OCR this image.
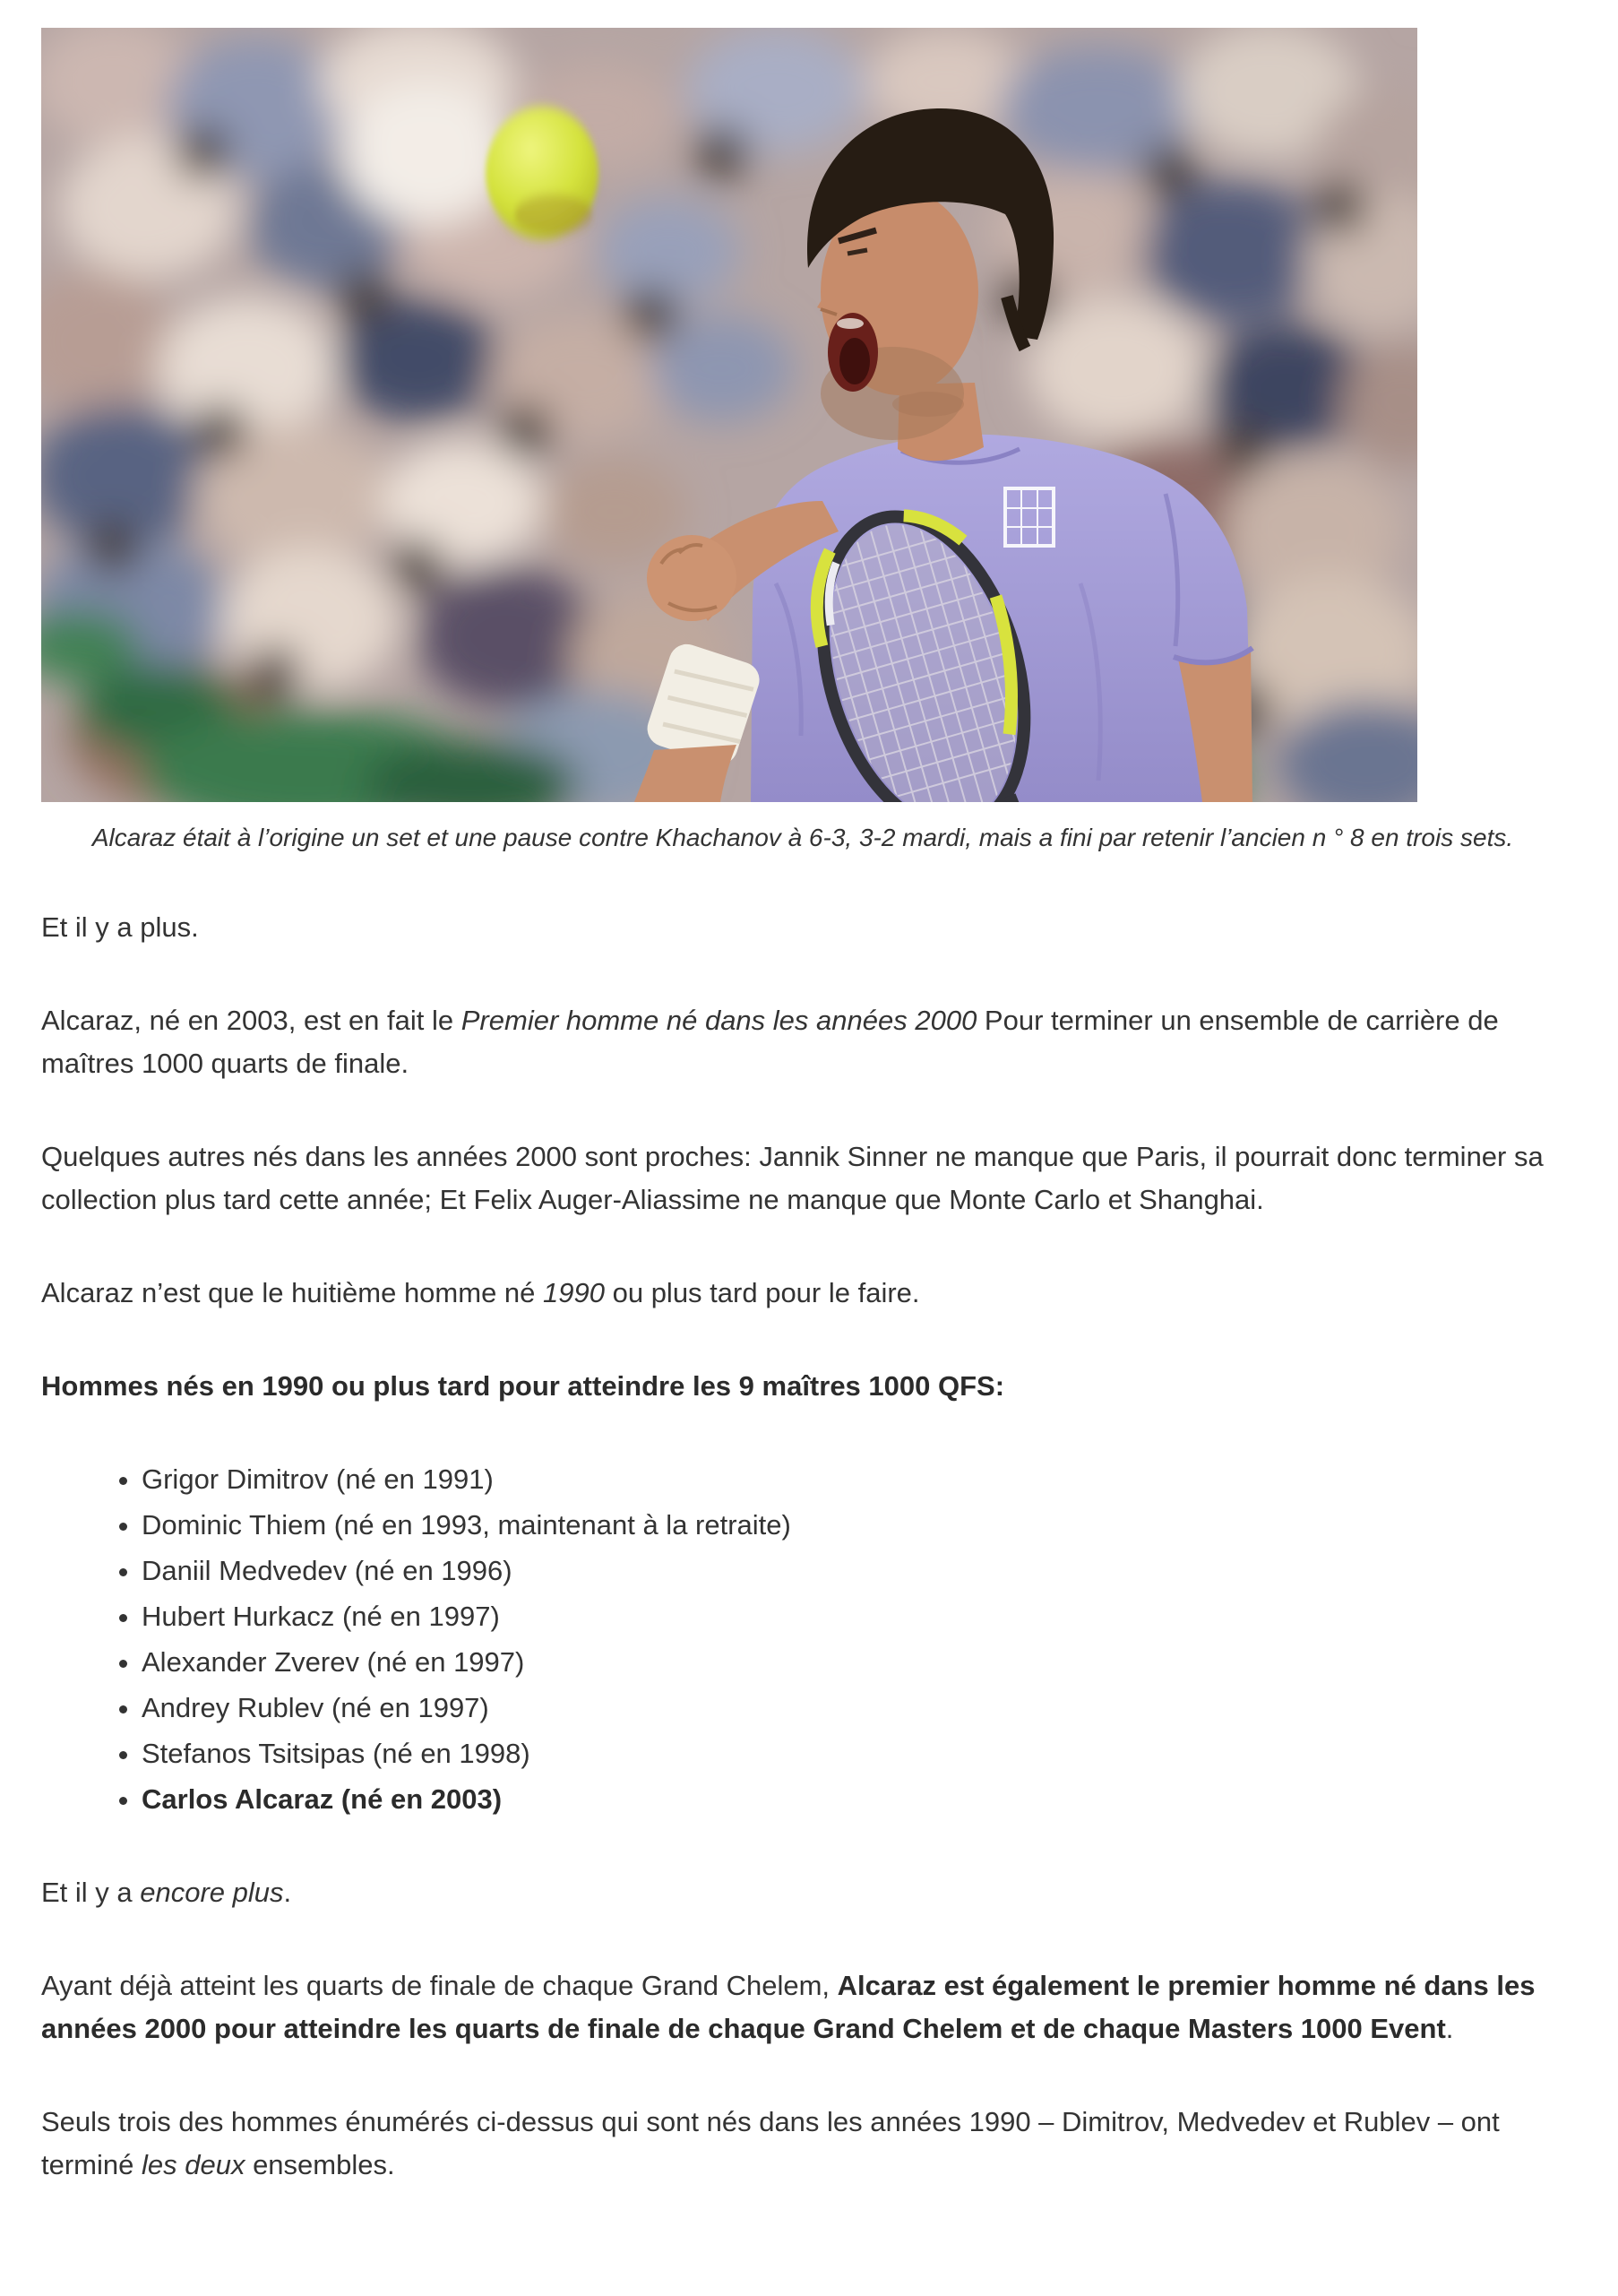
Alcaraz était à l’origine un set et une pause contre Khachanov à 6-3, 3-2 mardi, mais a fini par retenir l’ancien n ° 8 en trois sets.

Et il y a plus.

Alcaraz, né en 2003, est en fait le Premier homme né dans les années 2000 Pour terminer un ensemble de carrière de maîtres 1000 quarts de finale.

Quelques autres nés dans les années 2000 sont proches: Jannik Sinner ne manque que Paris, il pourrait donc terminer sa collection plus tard cette année; Et Felix Auger-Aliassime ne manque que Monte Carlo et Shanghai.

Alcaraz n’est que le huitième homme né 1990 ou plus tard pour le faire.

Hommes nés en 1990 ou plus tard pour atteindre les 9 maîtres 1000 QFS:

• Grigor Dimitrov (né en 1991)
• Dominic Thiem (né en 1993, maintenant à la retraite)
• Daniil Medvedev (né en 1996)
• Hubert Hurkacz (né en 1997)
• Alexander Zverev (né en 1997)
• Andrey Rublev (né en 1997)
• Stefanos Tsitsipas (né en 1998)
• Carlos Alcaraz (né en 2003)

Et il y a encore plus.

Ayant déjà atteint les quarts de finale de chaque Grand Chelem, Alcaraz est également le premier homme né dans les années 2000 pour atteindre les quarts de finale de chaque Grand Chelem et de chaque Masters 1000 Event.

Seuls trois des hommes énumérés ci-dessus qui sont nés dans les années 1990 – Dimitrov, Medvedev et Rublev – ont terminé les deux ensembles.
